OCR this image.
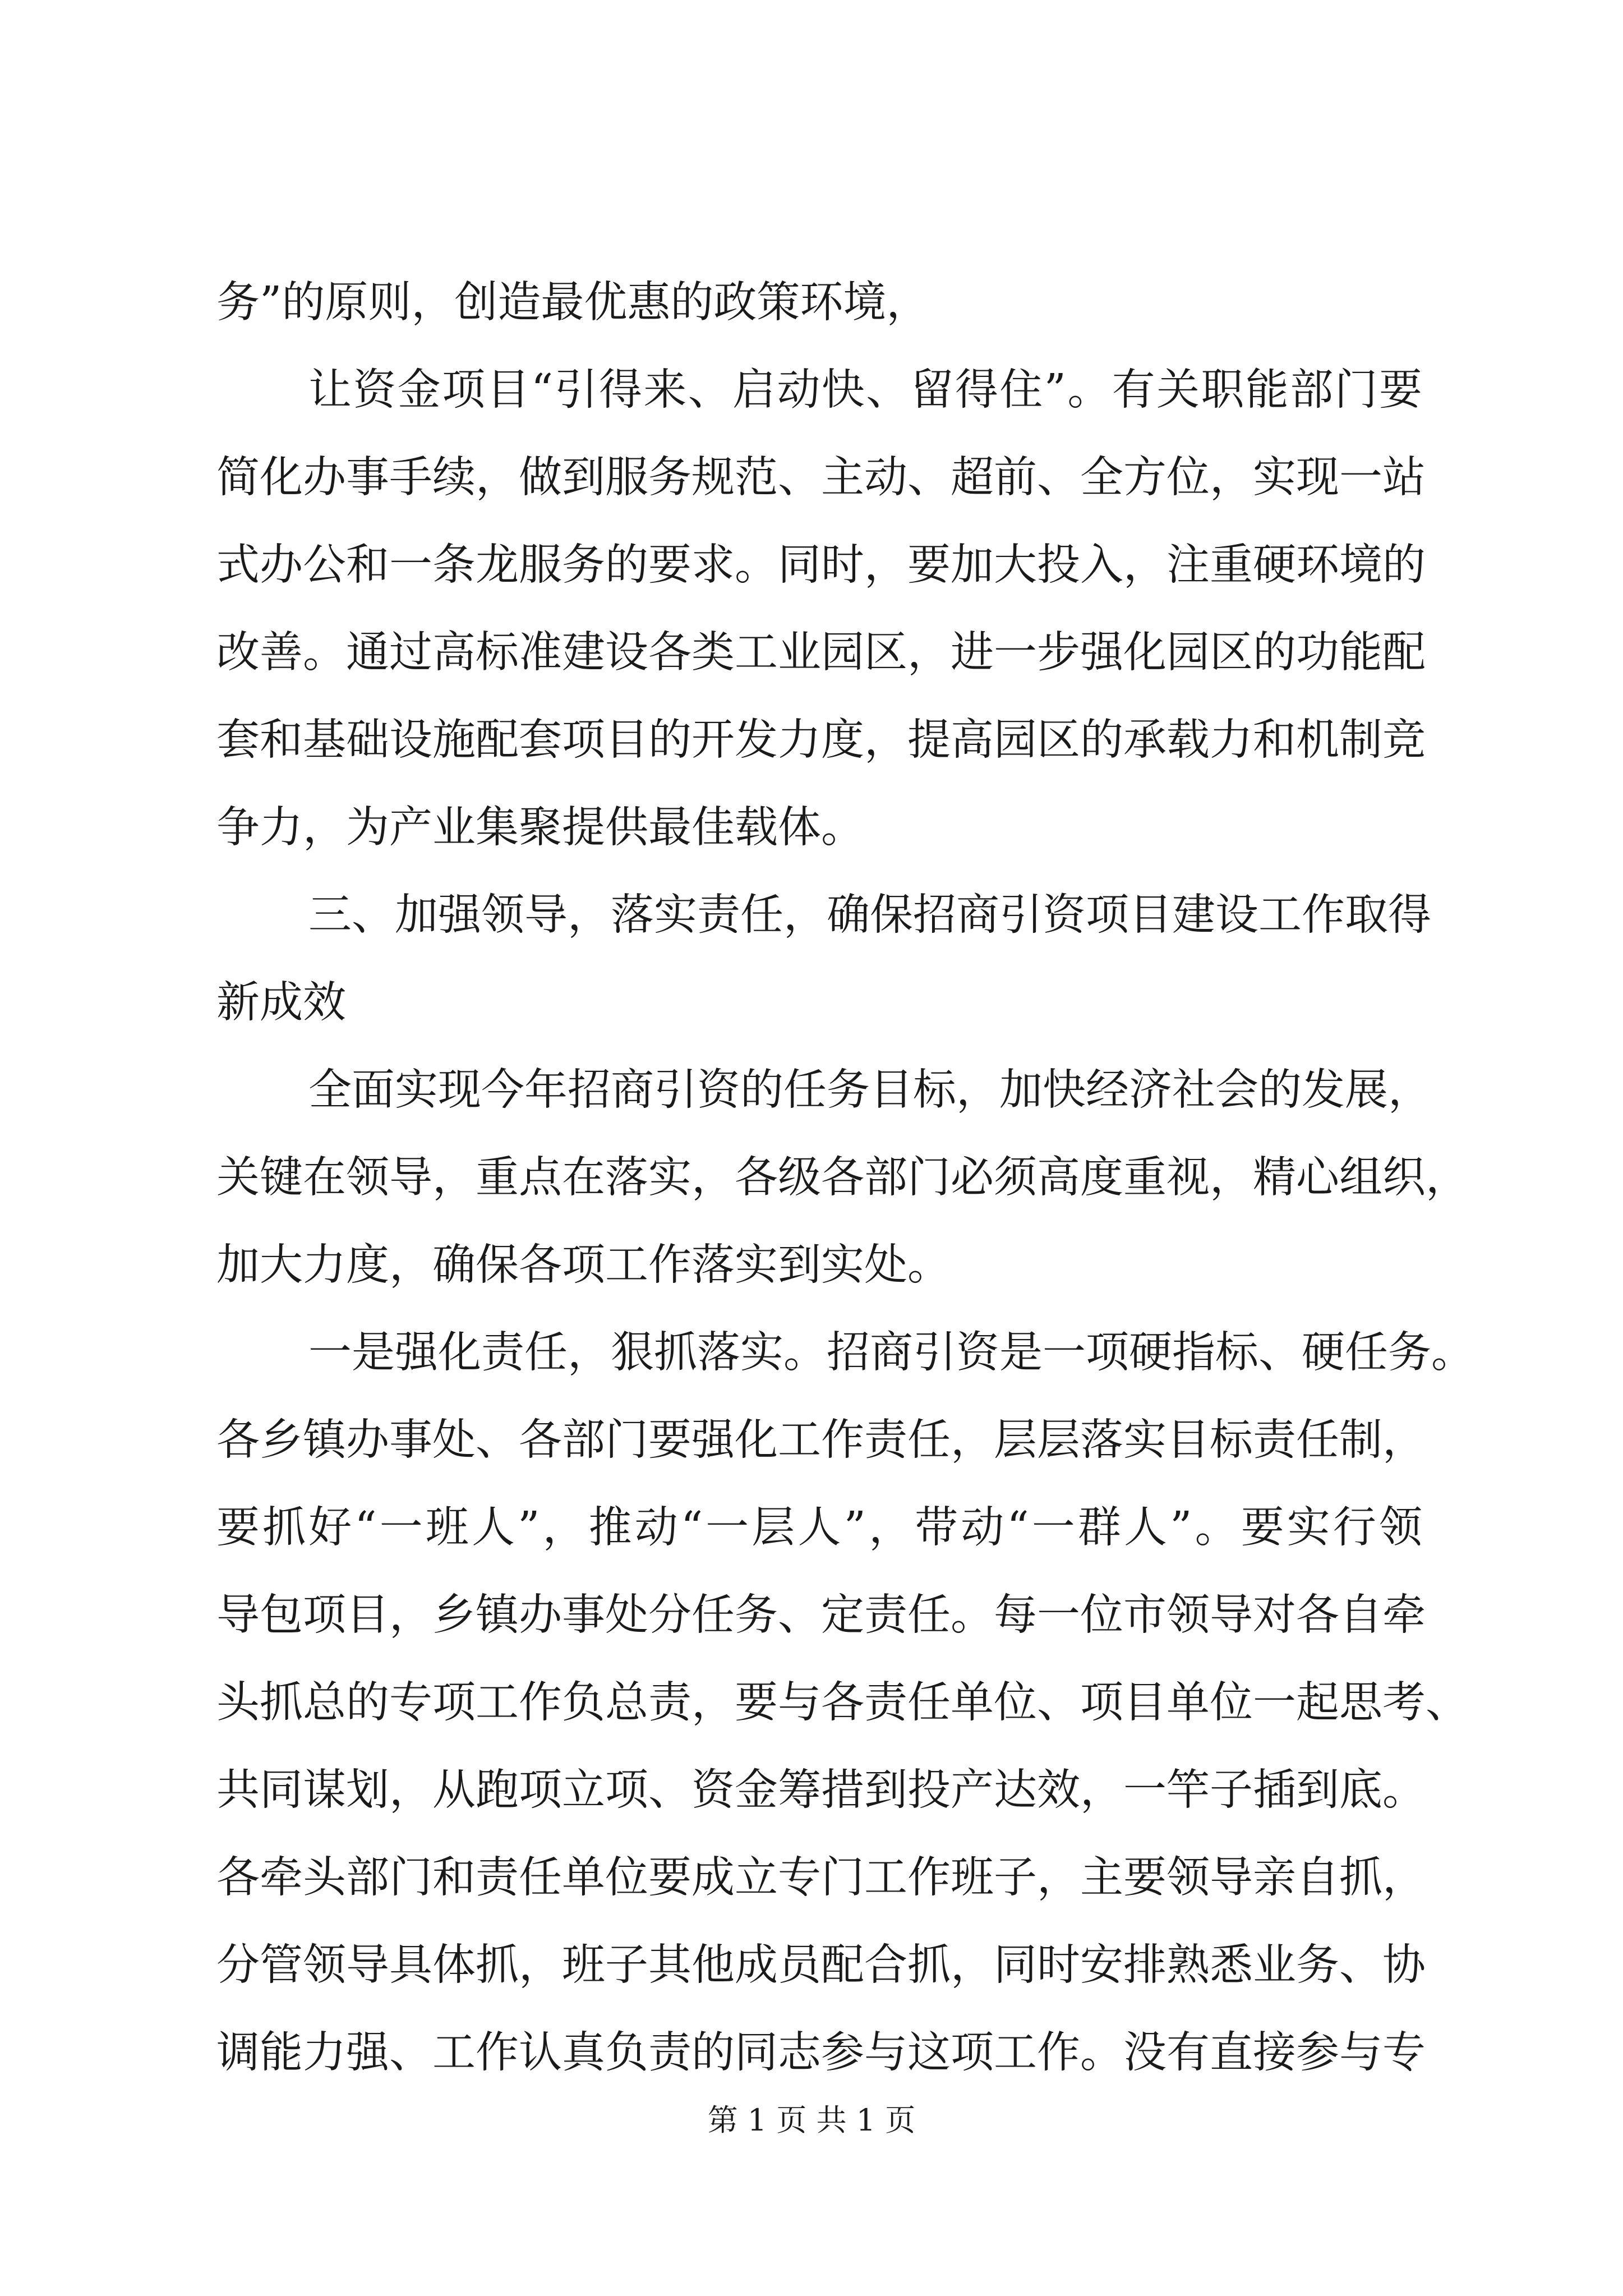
务”的原则，创造最优惠的政策环境，
让资金项目“引得来、启动快、留得住”。有关职能部门要
简化办事手续，做到服务规范、主动、超前、全方位，实现一站
式办公和一条龙服务的要求。同时，要加大投入，注重硬环境的
改善。通过高标准建设各类工业园区，进一步强化园区的功能配
套和基础设施配套项目的开发力度，提高园区的承载力和机制竞
争力，为产业集聚提供最佳载体。
三、加强领导，落实责任，确保招商引资项目建设工作取得
新成效
全面实现今年招商引资的任务目标，加快经济社会的发展，
关键在领导，重点在落实，各级各部门必须高度重视，精心组织，
加大力度，确保各项工作落实到实处。
一是强化责任，狠抓落实。招商引资是一项硬指标、硬任务。
各乡镇办事处、各部门要强化工作责任，层层落实目标责任制，
要抓好“一班人”，推动“一层人”，带动“一群人”。要实行领
导包项目，乡镇办事处分任务、定责任。每一位市领导对各自牵
头抓总的专项工作负总责，要与各责任单位、项目单位一起思考、
共同谋划，从跑项立项、资金筹措到投产达效，一竿子插到底。
各牵头部门和责任单位要成立专门工作班子，主要领导亲自抓，
分管领导具体抓，班子其他成员配合抓，同时安排熟悉业务、协
调能力强、工作认真负责的同志参与这项工作。没有直接参与专
第 1 页 共 1 页
